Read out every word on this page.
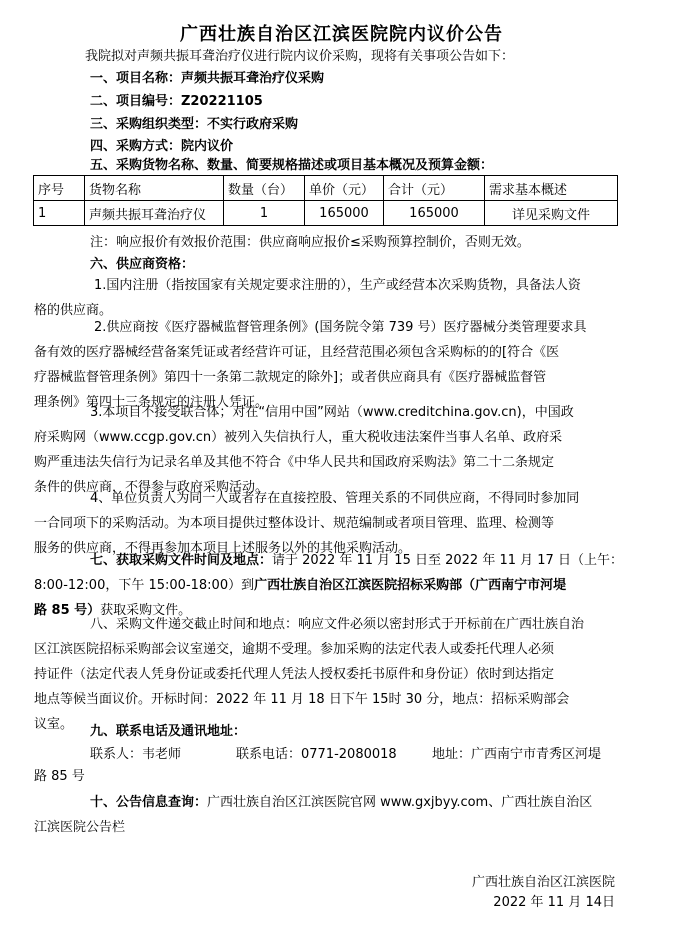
广西壮族自治区江滨医院院内议价公告
我院拟对声频共振耳聋治疗仪进行院内议价采购，现将有关事项公告如下：
一、项目名称：声频共振耳聋治疗仪采购
二、项目编号：Z20221105
三、采购组织类型：不实行政府采购
四、采购方式：院内议价
五、采购货物名称、数量、简要规格描述或项目基本概况及预算金额：
序号	货物名称	数量（台）	单价（元）	合计（元）	需求基本概述
1	声频共振耳聋治疗仪	1	165000	165000	详见采购文件
注：响应报价有效报价范围：供应商响应报价≤采购预算控制价，否则无效。
六、供应商资格：
1.国内注册（指按国家有关规定要求注册的），生产或经营本次采购货物，具备法人资
格的供应商。
2.供应商按《医疗器械监督管理条例》(国务院令第 739 号）医疗器械分类管理要求具
备有效的医疗器械经营备案凭证或者经营许可证，且经营范围必须包含采购标的的[符合《医
疗器械监督管理条例》第四十一条第二款规定的除外]；或者供应商具有《医疗器械监督管
理条例》第四十三条规定的注册人凭证。
3.本项目不接受联合体；对在“信用中国”网站（www.creditchina.gov.cn)，中国政
府采购网（www.ccgp.gov.cn）被列入失信执行人，重大税收违法案件当事人名单、政府采
购严重违法失信行为记录名单及其他不符合《中华人民共和国政府采购法》第二十二条规定
条件的供应商，不得参与政府采购活动。
4、单位负责人为同一人或者存在直接控股、管理关系的不同供应商，不得同时参加同
一合同项下的采购活动。为本项目提供过整体设计、规范编制或者项目管理、监理、检测等
服务的供应商，不得再参加本项目上述服务以外的其他采购活动。
七、获取采购文件时间及地点：请于 2022 年 11 月 15 日至 2022 年 11 月 17 日（上午：
8:00-12:00，下午 15:00-18:00）到广西壮族自治区江滨医院招标采购部（广西南宁市河堤
路 85 号）获取采购文件。
八、采购文件递交截止时间和地点：响应文件必须以密封形式于开标前在广西壮族自治
区江滨医院招标采购部会议室递交，逾期不受理。参加采购的法定代表人或委托代理人必须
持证件（法定代表人凭身份证或委托代理人凭法人授权委托书原件和身份证）依时到达指定
地点等候当面议价。开标时间：2022 年 11 月 18 日下午 15时 30 分，地点：招标采购部会
议室。	九、联系电话及通讯地址：
联系人：韦老师	联系电话：0771-2080018	地址：广西南宁市青秀区河堤
路 85 号
十、公告信息查询：广西壮族自治区江滨医院官网 www.gxjbyy.com、广西壮族自治区
江滨医院公告栏
广西壮族自治区江滨医院
2022 年 11 月 14日
